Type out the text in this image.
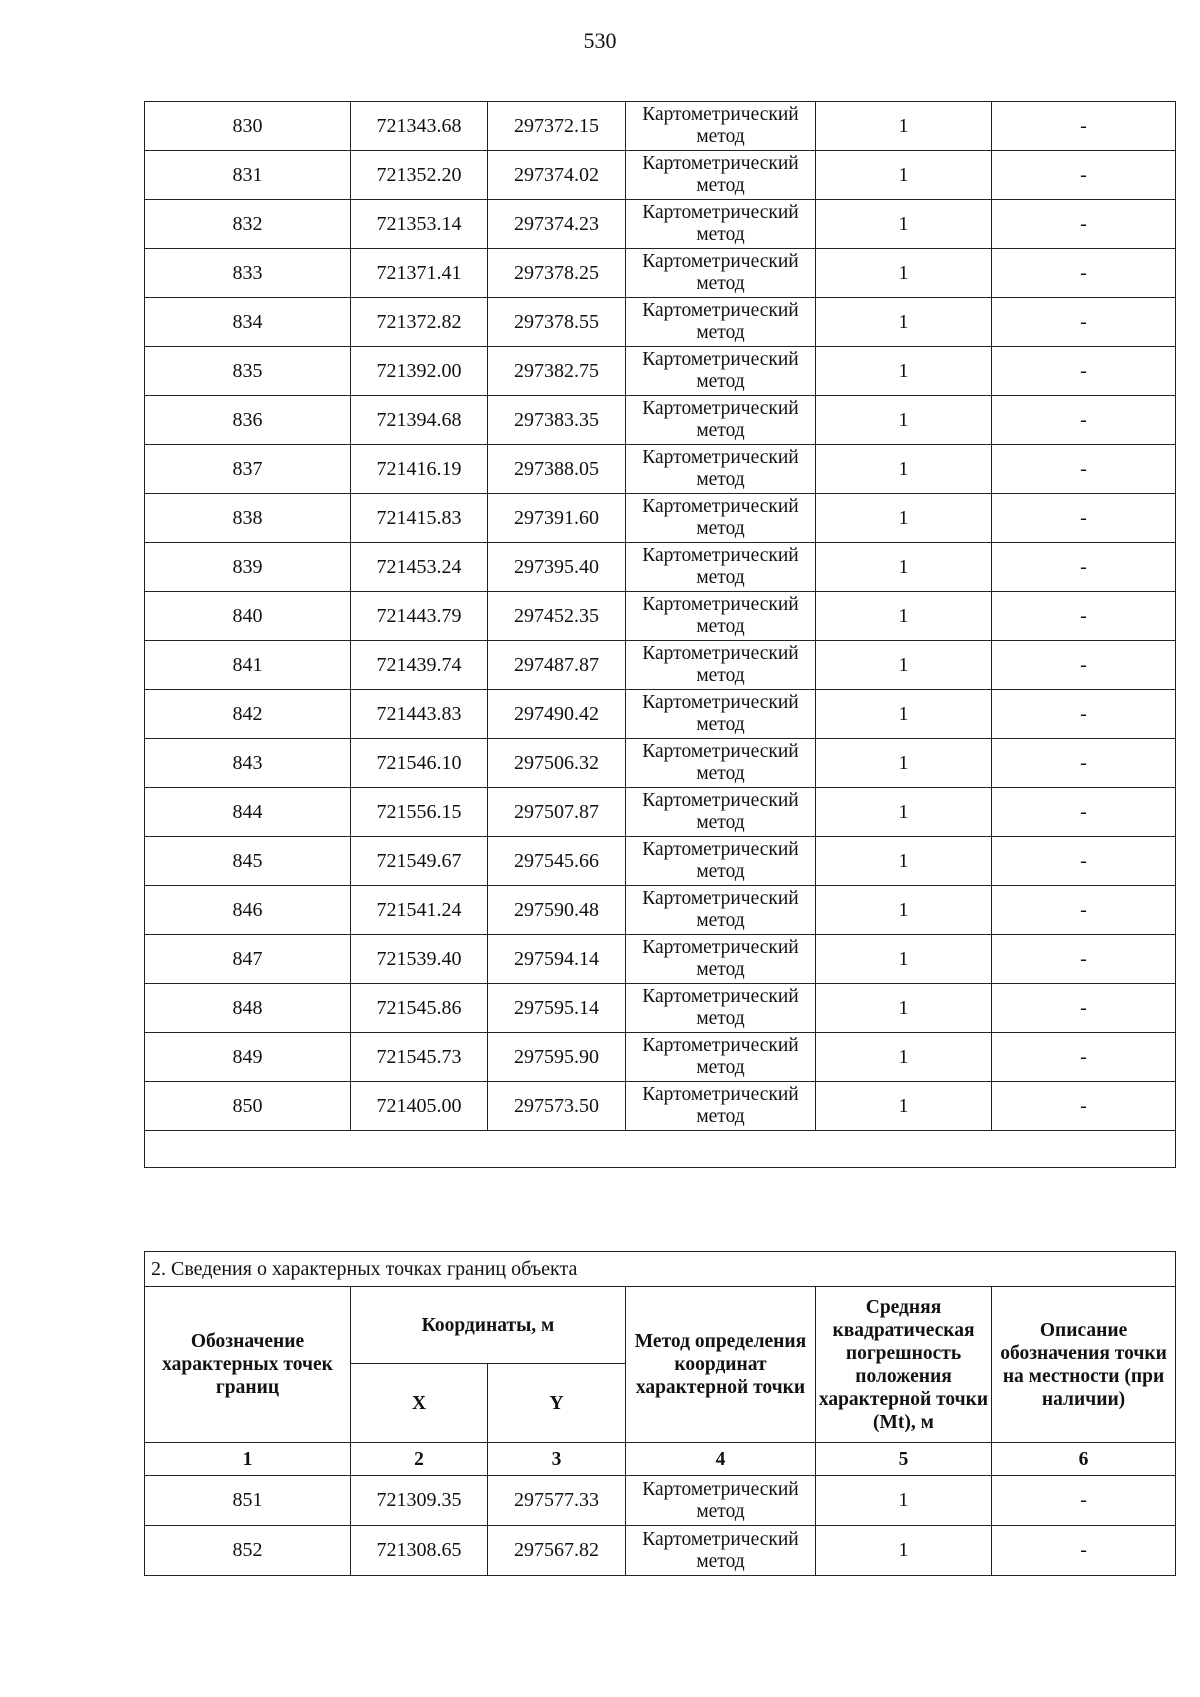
530
830	721343.68	297372.15	Картометрический метод	1	-
831	721352.20	297374.02	Картометрический метод	1	-
832	721353.14	297374.23	Картометрический метод	1	-
833	721371.41	297378.25	Картометрический метод	1	-
834	721372.82	297378.55	Картометрический метод	1	-
835	721392.00	297382.75	Картометрический метод	1	-
836	721394.68	297383.35	Картометрический метод	1	-
837	721416.19	297388.05	Картометрический метод	1	-
838	721415.83	297391.60	Картометрический метод	1	-
839	721453.24	297395.40	Картометрический метод	1	-
840	721443.79	297452.35	Картометрический метод	1	-
841	721439.74	297487.87	Картометрический метод	1	-
842	721443.83	297490.42	Картометрический метод	1	-
843	721546.10	297506.32	Картометрический метод	1	-
844	721556.15	297507.87	Картометрический метод	1	-
845	721549.67	297545.66	Картометрический метод	1	-
846	721541.24	297590.48	Картометрический метод	1	-
847	721539.40	297594.14	Картометрический метод	1	-
848	721545.86	297595.14	Картометрический метод	1	-
849	721545.73	297595.90	Картометрический метод	1	-
850	721405.00	297573.50	Картометрический метод	1	-

2. Сведения о характерных точках границ объекта					
Обозначение характерных точек границ	Координаты, м		Метод определения координат характерной точки	Средняя квадратическая погрешность положения характерной точки (Mt), м	Описание обозначения точки на местности (при наличии)
	X	Y			
1	2	3	4	5	6
851	721309.35	297577.33	Картометрический метод	1	-
852	721308.65	297567.82	Картометрический метод	1	-
